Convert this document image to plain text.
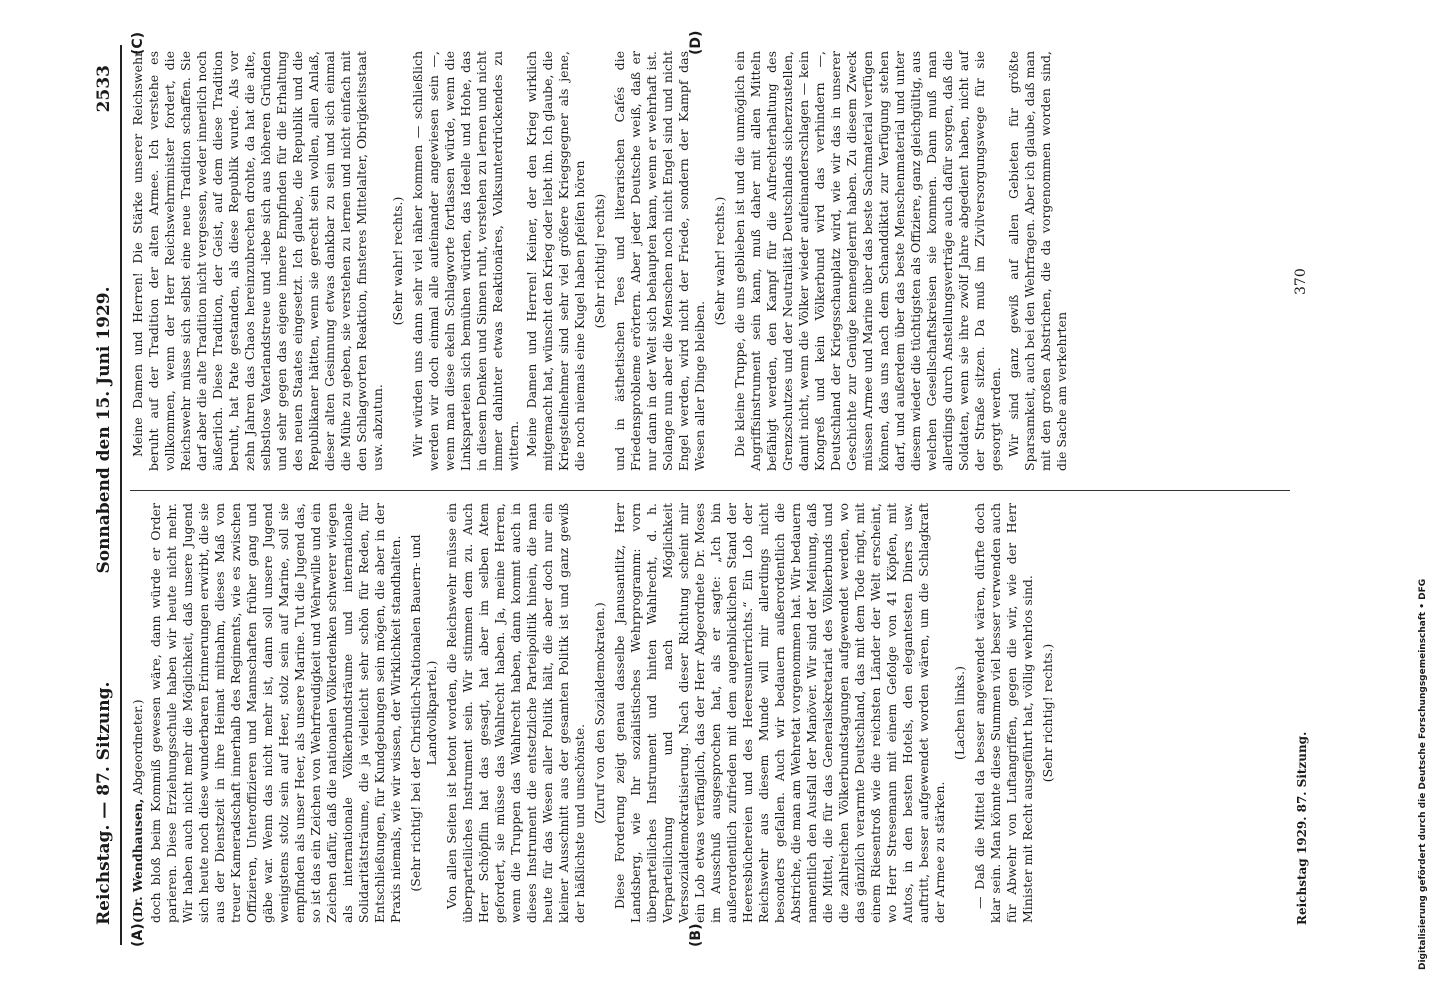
Reichstag. — 87. Sitzung.
Sonnabend den 15. Juni 1929.
2533
(A)	(B)
(C)	(D)

(Dr. Wendhausen, Abgeordneter.) doch bloß beim Kommiß gewesen wäre, dann würde er Order parieren. Diese Erziehungsschule haben wir heute nicht mehr. Wir haben auch nicht mehr die Möglichkeit, daß unsere Jugend sich heute noch diese wunderbaren Erinnerungen erwirbt, die sie aus der Dienstzeit in ihre Heimat mitnahm, dieses Maß von treuer Kameradschaft innerhalb des Regiments, wie es zwischen Offizieren, Unteroffizieren und Mannschaften früher gang und gäbe war. Wenn das nicht mehr ist, dann soll unsere Jugend wenigstens stolz sein auf Heer, stolz sein auf Marine, soll sie empfinden als unser Heer, als unsere Marine. Tut die Jugend das, so ist das ein Zeichen von Wehrfreudigkeit und Wehrwille und ein Zeichen dafür, daß die nationalen Völkerdenken schwerer wiegen als internationale Völkerbundsträume und internationale Solidaritätsträume, die ja vielleicht sehr schön für Reden, für Entschließungen, für Kundgebungen sein mögen, die aber in der Praxis niemals, wie wir wissen, der Wirklichkeit standhalten. (Sehr richtig! bei der Christlich-Nationalen Bauern- und Landvolkpartei.) Von allen Seiten ist betont worden, die Reichswehr müsse ein überparteiliches Instrument sein. Wir stimmen dem zu. Auch Herr Schöpflin hat das gesagt, hat aber im selben Atem gefordert, sie müsse das Wahlrecht haben. Ja, meine Herren, wenn die Truppen das Wahlrecht haben, dann kommt auch in dieses Instrument die entsetzliche Parteipolitik hinein, die man heute für das Wesen aller Politik hält, die aber doch nur ein kleiner Ausschnitt aus der gesamten Politik ist und ganz gewiß der häßlichste und unschönste. (Zuruf von den Sozialdemokraten.) Diese Forderung zeigt genau dasselbe Janusantlitz, Herr Landsberg, wie Ihr sozialistisches Wehrprogramm: vorn überparteiliches Instrument und hinten Wahlrecht, d. h. Verparteilichung und nach Möglichkeit Verssozialdemokratisierung. Nach dieser Richtung scheint mir ein Lob etwas verfänglich, das der Herr Abgeordnete Dr. Moses im Ausschuß ausgesprochen hat, als er sagte: „Ich bin außerordentlich zufrieden mit dem augenblicklichen Stand der Heeresbüchereien und des Heeresunterrichts.“ Ein Lob der Reichswehr aus diesem Munde will mir allerdings nicht besonders gefallen. Auch wir bedauern außerordentlich die Abstriche, die man am Wehretat vorgenommen hat. Wir bedauern namentlich den Ausfall der Manöver. Wir sind der Meinung, daß die Mittel, die für das Generalsekretariat des Völkerbunds und die zahlreichen Völkerbundstagungen aufgewendet werden, wo das gänzlich verarmte Deutschland, das mit dem Tode ringt, mit einem Riesentroß wie die reichsten Länder der Welt erscheint, wo Herr Stresemann mit einem Gefolge von 41 Köpfen, mit Autos, in den besten Hotels, den elegantesten Diners usw. auftritt, besser aufgewendet worden wären, um die Schlagkraft der Armee zu stärken.

(Lachen links.) — Daß die Mittel da besser angewendet wären, dürfte doch klar sein. Man könnte diese Summen viel besser verwenden auch für Abwehr von Luftangriffen, gegen die wir, wie der Herr Minister mit Recht ausgeführt hat, völlig wehrlos sind. (Sehr richtig! rechts.)

Meine Damen und Herren! Die Stärke unserer Reichswehr beruht auf der Tradition der alten Armee. Ich verstehe es vollkommen, wenn der Herr Reichswehrminister fordert, die Reichswehr müsse sich selbst eine neue Tradition schaffen. Sie darf aber die alte Tradition nicht vergessen, weder innerlich noch äußerlich. Diese Tradition, der Geist, auf dem diese Tradition beruht, hat Pate gestanden, als diese Republik wurde. Als vor zehn Jahren das Chaos hereinzubrechen drohte, da hat die alte, selbstlose Vaterlandstreue und -liebe sich aus höheren Gründen und sehr gegen das eigene innere Empfinden für die Erhaltung des neuen Staates eingesetzt. Ich glaube, die Republik und die Republikaner hätten, wenn sie gerecht sein wollen, allen Anlaß, dieser alten Gesinnung etwas dankbar zu sein und sich einmal die Mühe zu geben, sie verstehen zu lernen und nicht einfach mit den Schlagworten Reaktion, finsteres Mittelalter, Obrigkeitsstaat usw. abzutun.

(Sehr wahr! rechts.) Wir würden uns dann sehr viel näher kommen — schließlich werden wir doch einmal alle aufeinander angewiesen sein —, wenn man diese ekeln Schlagworte fortlassen würde, wenn die Linksparteien sich bemühen würden, das Ideelle und Hohe, das in diesem Denken und Sinnen ruht, verstehen zu lernen und nicht immer dahinter etwas Reaktionäres, Volksunterdrückendes zu wittern. Meine Damen und Herren! Keiner, der den Krieg wirklich mitgemacht hat, wünscht den Krieg oder liebt ihn. Ich glaube, die Kriegsteilnehmer sind sehr viel größere Kriegsgegner als jene, die noch niemals eine Kugel haben pfeifen hören (Sehr richtig! rechts) und in ästhetischen Tees und literarischen Cafés die Friedensprobleme erörtern. Aber jeder Deutsche weiß, daß er nur dann in der Welt sich behaupten kann, wenn er wehrhaft ist. Solange nun aber die Menschen noch nicht Engel sind und nicht Engel werden, wird nicht der Friede, sondern der Kampf das Wesen aller Dinge bleiben.

(Sehr wahr! rechts.) Die kleine Truppe, die uns geblieben ist und die unmöglich ein Angriffsinstrument sein kann, muß daher mit allen Mitteln befähigt werden, den Kampf für die Aufrechterhaltung des Grenzschutzes und der Neutralität Deutschlands sicherzustellen, damit nicht, wenn die Völker wieder aufeinanderschlagen — kein Kongreß und kein Völkerbund wird das verhindern —, Deutschland der Kriegsschauplatz wird, wie wir das in unserer Geschichte zur Genüge kennengelernt haben. Zu diesem Zweck müssen Armee und Marine über das beste Sachmaterial verfügen können, das uns nach dem Schanddiktat zur Verfügung stehen darf, und außerdem über das beste Menschenmaterial und unter diesem wieder die tüchtigsten als Offiziere, ganz gleichgültig, aus welchen Gesellschaftskreisen sie kommen. Dann muß man allerdings durch Anstellungsverträge auch dafür sorgen, daß die Soldaten, wenn sie ihre zwölf Jahre abgedient haben, nicht auf der Straße sitzen. Da muß im Zivilversorgungswege für sie gesorgt werden. Wir sind ganz gewiß auf allen Gebieten für größte Sparsamkeit, auch bei den Wehrfragen. Aber ich glaube, daß man mit den großen Abstrichen, die da vorgenommen worden sind, die Sache am verkehrten

Reichstag 1929. 87. Sitzung.
370
Digitalisierung gefördert durch die Deutsche Forschungsgemeinschaft • DFG
